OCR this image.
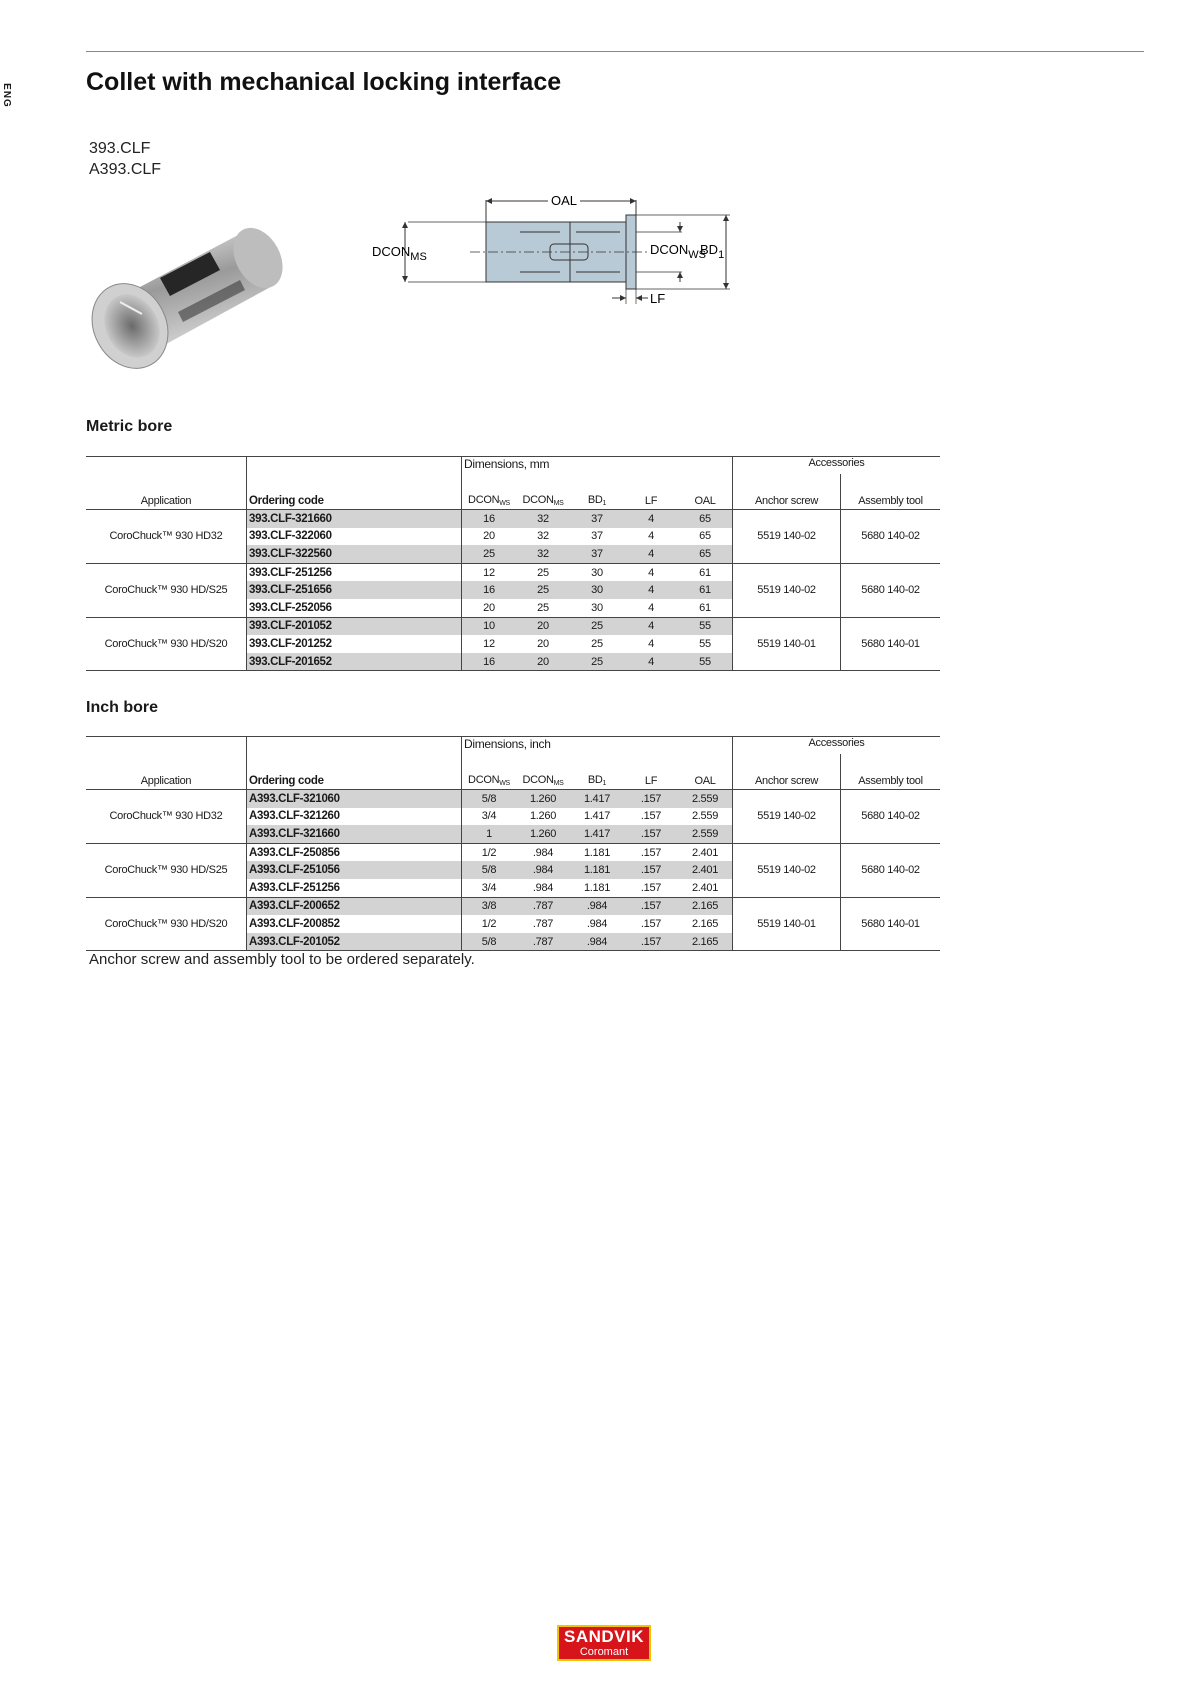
ENG	Collet with mechanical locking interface
393.CLF
A393.CLF
OAL
$DCON_{MS}$	$DCON_{WS}$
$BD_1$
LF
Metric bore
		Dimensions, mm					Accessories	
Application	Ordering code	$DCON_{WS}$	$DCON_{MS}$	$BD_1$	LF	OAL	Anchor screw	Assembly tool
CoroChuck™ 930 HD32	393.CLF-321660	16	32	37	4	65	5519 140-02	5680 140-02
	393.CLF-322060	20	32	37	4	65		
	393.CLF-322560	25	32	37	4	65		
CoroChuck™ 930 HD/S25	393.CLF-251256	12	25	30	4	61	5519 140-02	5680 140-02
	393.CLF-251656	16	25	30	4	61		
	393.CLF-252056	20	25	30	4	61		
CoroChuck™ 930 HD/S20	393.CLF-201052	10	20	25	4	55	5519 140-01	5680 140-01
	393.CLF-201252	12	20	25	4	55		
	393.CLF-201652	16	20	25	4	55		
Inch bore
		Dimensions, inch					Accessories	
Application	Ordering code	$DCON_{WS}$	$DCON_{MS}$	$BD_1$	LF	OAL	Anchor screw	Assembly tool
CoroChuck™ 930 HD32	A393.CLF-321060	5/8	1.260	1.417	.157	2.559	5519 140-02	5680 140-02
	A393.CLF-321260	3/4	1.260	1.417	.157	2.559		
	A393.CLF-321660	1	1.260	1.417	.157	2.559		
CoroChuck™ 930 HD/S25	A393.CLF-250856	1/2	.984	1.181	.157	2.401	5519 140-02	5680 140-02
	A393.CLF-251056	5/8	.984	1.181	.157	2.401		
	A393.CLF-251256	3/4	.984	1.181	.157	2.401		
CoroChuck™ 930 HD/S20	A393.CLF-200652	3/8	.787	.984	.157	2.165	5519 140-01	5680 140-01
	A393.CLF-200852	1/2	.787	.984	.157	2.165		
	A393.CLF-201052	5/8	.787	.984	.157	2.165		

Anchor screw and assembly tool to be ordered separately.

SANDVIK
Coromant
